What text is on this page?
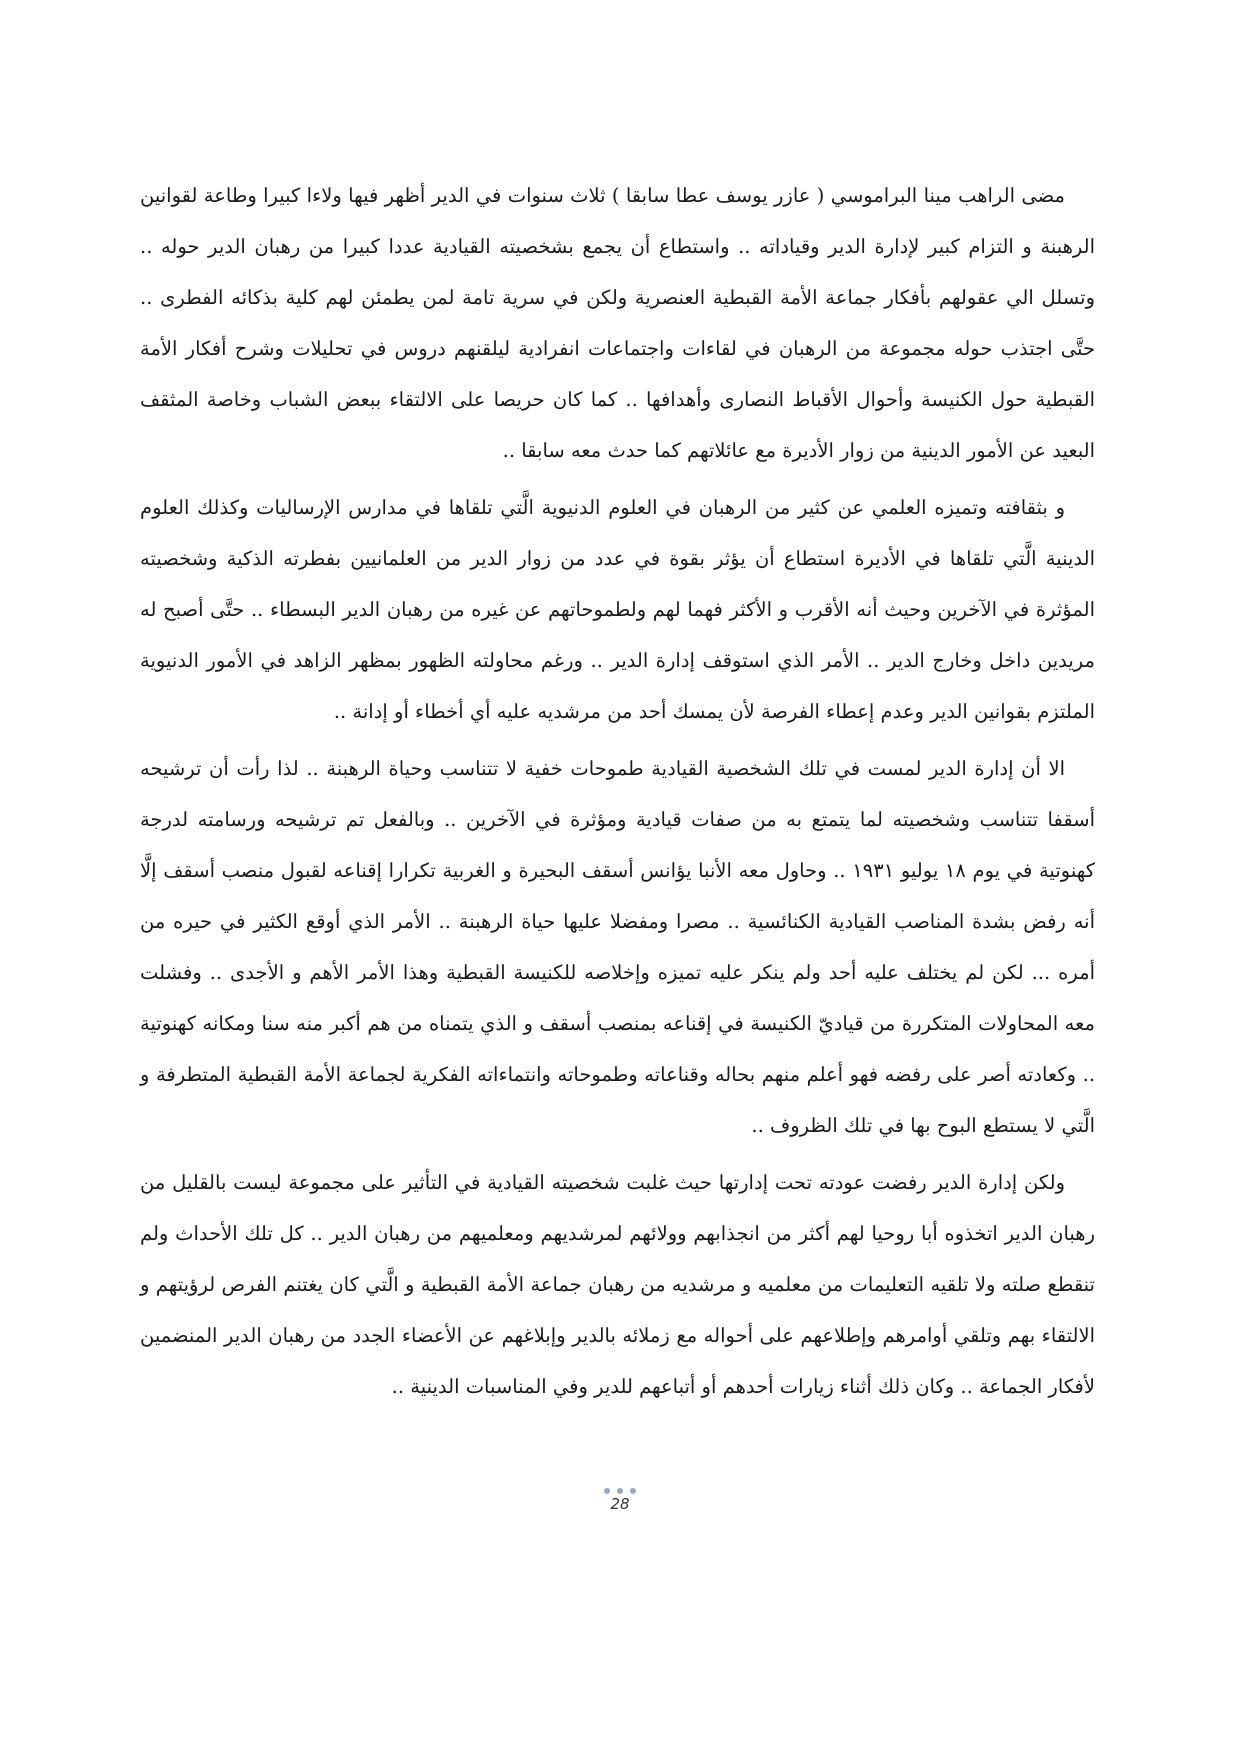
مضى الراهب مينا البراموسي ( عازر يوسف عطا سابقا ) ثلاث سنوات في الدير أظهر فيها ولاءا كبيرا وطاعة لقوانين الرهبنة و التزام كبير لإدارة الدير وقياداته .. واستطاع أن يجمع بشخصيته القيادية عددا كبيرا من رهبان الدير حوله .. وتسلل الي عقولهم بأفكار جماعة الأمة القبطية العنصرية ولكن في سرية تامة لمن يطمئن لهم كلية بذكائه الفطرى .. حتَّى اجتذب حوله مجموعة من الرهبان في لقاءات واجتماعات انفرادية ليلقنهم دروس في تحليلات وشرح أفكار الأمة القبطية حول الكنيسة وأحوال الأقباط النصارى وأهدافها .. كما كان حريصا على الالتقاء ببعض الشباب وخاصة المثقف البعيد عن الأمور الدينية من زوار الأديرة مع عائلاتهم كما حدث معه سابقا ..

و بثقافته وتميزه العلمي عن كثير من الرهبان في العلوم الدنيوية الَّتي تلقاها في مدارس الإرساليات وكذلك العلوم الدينية الَّتي تلقاها في الأديرة استطاع أن يؤثر بقوة في عدد من زوار الدير من العلمانيين بفطرته الذكية وشخصيته المؤثرة في الآخرين وحيث أنه الأقرب و الأكثر فهما لهم ولطموحاتهم عن غيره من رهبان الدير البسطاء .. حتَّى أصبح له مريدين داخل وخارج الدير .. الأمر الذي استوقف إدارة الدير .. ورغم محاولته الظهور بمظهر الزاهد في الأمور الدنيوية الملتزم بقوانين الدير وعدم إعطاء الفرصة لأن يمسك أحد من مرشديه عليه أي أخطاء أو إدانة ..

الا أن إدارة الدير لمست في تلك الشخصية القيادية طموحات خفية لا تتناسب وحياة الرهبنة .. لذا رأت أن ترشيحه أسقفا تتناسب وشخصيته لما يتمتع به من صفات قيادية ومؤثرة في الآخرين .. وبالفعل تم ترشيحه ورسامته لدرجة كهنوتية في يوم ١٨ يوليو ١٩٣١ .. وحاول معه الأنبا يؤانس أسقف البحيرة و الغربية تكرارا إقناعه لقبول منصب أسقف إلَّا أنه رفض بشدة المناصب القيادية الكنائسية .. مصرا ومفضلا عليها حياة الرهبنة .. الأمر الذي أوقع الكثير في حيره من أمره ... لكن لم يختلف عليه أحد ولم ينكر عليه تميزه وإخلاصه للكنيسة القبطية وهذا الأمر الأهم و الأجدى .. وفشلت معه المحاولات المتكررة من قياديّ الكنيسة في إقناعه بمنصب أسقف و الذي يتمناه من هم أكبر منه سنا ومكانه كهنوتية .. وكعادته أصر على رفضه فهو أعلم منهم بحاله وقناعاته وطموحاته وانتماءاته الفكرية لجماعة الأمة القبطية المتطرفة و الَّتي لا يستطع البوح بها في تلك الظروف ..

ولكن إدارة الدير رفضت عودته تحت إدارتها حيث غلبت شخصيته القيادية في التأثير على مجموعة ليست بالقليل من رهبان الدير اتخذوه أبا روحيا لهم أكثر من انجذابهم وولائهم لمرشديهم ومعلميهم من رهبان الدير .. كل تلك الأحداث ولم تنقطع صلته ولا تلقيه التعليمات من معلميه و مرشديه من رهبان جماعة الأمة القبطية و الَّتي كان يغتنم الفرص لرؤيتهم و الالتقاء بهم وتلقي أوامرهم وإطلاعهم على أحواله مع زملائه بالدير وإبلاغهم عن الأعضاء الجدد من رهبان الدير المنضمين لأفكار الجماعة .. وكان ذلك أثناء زيارات أحدهم أو أتباعهم للدير وفي المناسبات الدينية ..

28
